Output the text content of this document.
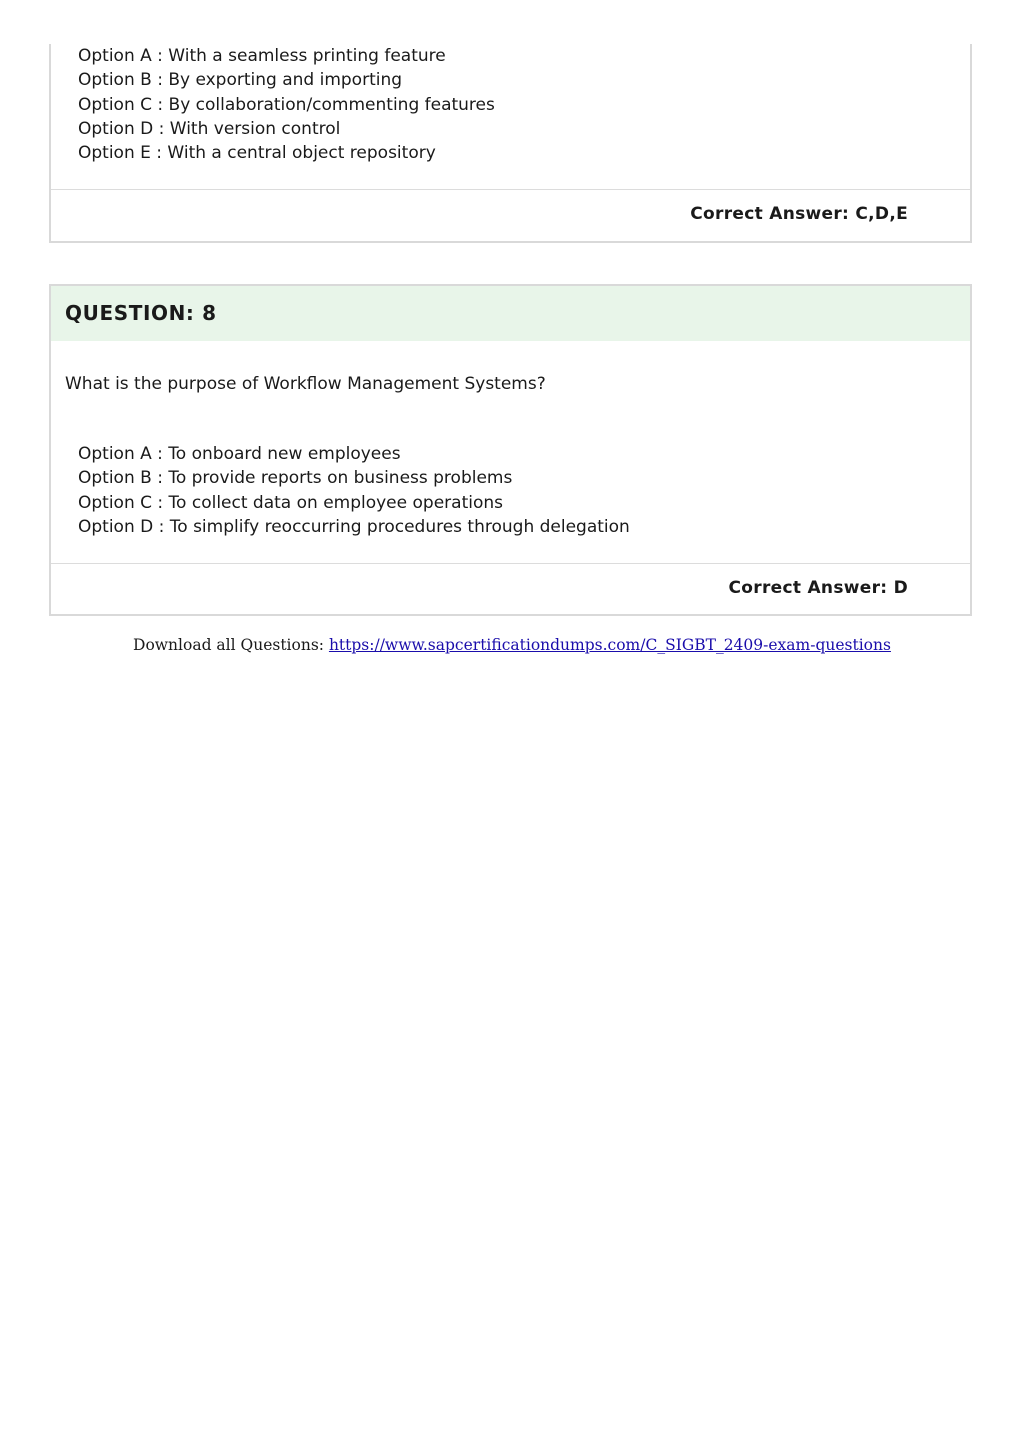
Option A : With a seamless printing feature
Option B : By exporting and importing
Option C : By collaboration/commenting features
Option D : With version control
Option E : With a central object repository
Correct Answer: C,D,E
QUESTION: 8
What is the purpose of Workflow Management Systems?
Option A : To onboard new employees
Option B : To provide reports on business problems
Option C : To collect data on employee operations
Option D : To simplify reoccurring procedures through delegation
Correct Answer: D
Download all Questions: https://www.sapcertificationdumps.com/C_SIGBT_2409-exam-questions
